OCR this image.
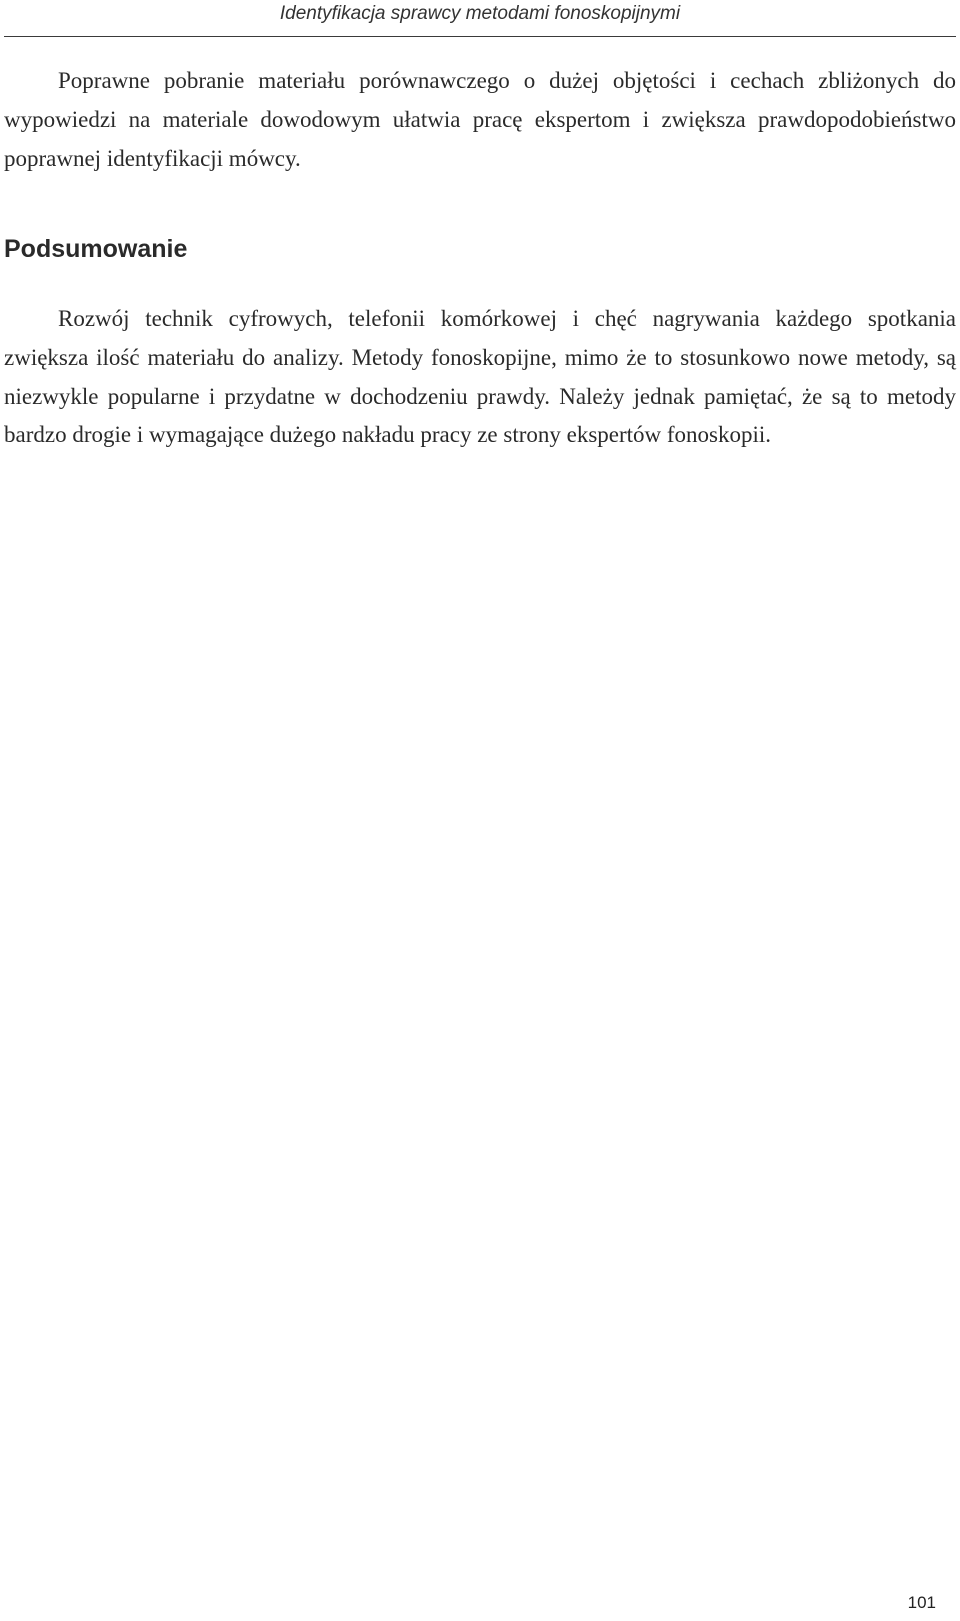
Identyfikacja sprawcy metodami fonoskopijnymi

Poprawne pobranie materiału porównawczego o dużej objętości i cechach zbliżonych do wypowiedzi na materiale dowodowym ułatwia pracę ekspertom i zwiększa prawdopodobieństwo poprawnej identyfikacji mówcy.

Podsumowanie

Rozwój technik cyfrowych, telefonii komórkowej i chęć nagrywania każdego spotkania zwiększa ilość materiału do analizy. Metody fonoskopijne, mimo że to stosunkowo nowe metody, są niezwykle popularne i przydatne w dochodzeniu prawdy. Należy jednak pamiętać, że są to metody bardzo drogie i wymagające dużego nakładu pracy ze strony ekspertów fonoskopii.

101
